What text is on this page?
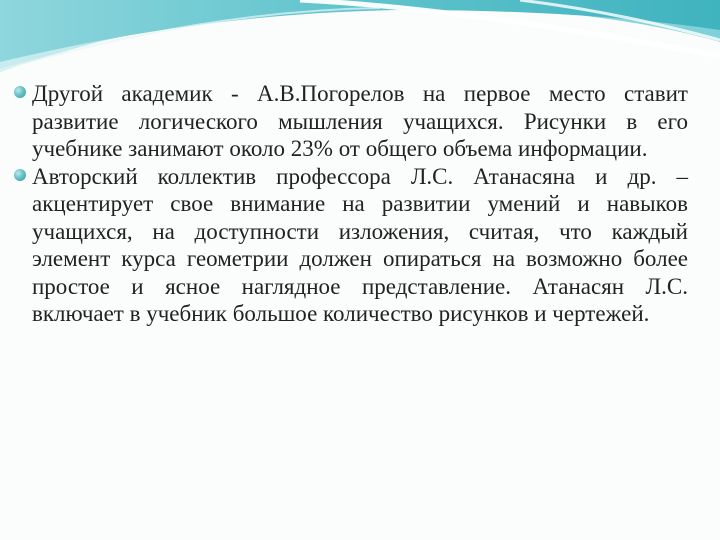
Другой академик - А.В.Погорелов на первое место ставит развитие логического мышления учащихся. Рисунки в его учебнике занимают около 23% от общего объема информации.
Авторский коллектив профессора Л.С. Атанасяна и др. – акцентирует свое внимание на развитии умений и навыков учащихся, на доступности изложения, считая, что каждый элемент курса геометрии должен опираться на возможно более простое и ясное наглядное представление. Атанасян Л.С. включает в учебник большое количество рисунков и чертежей.
